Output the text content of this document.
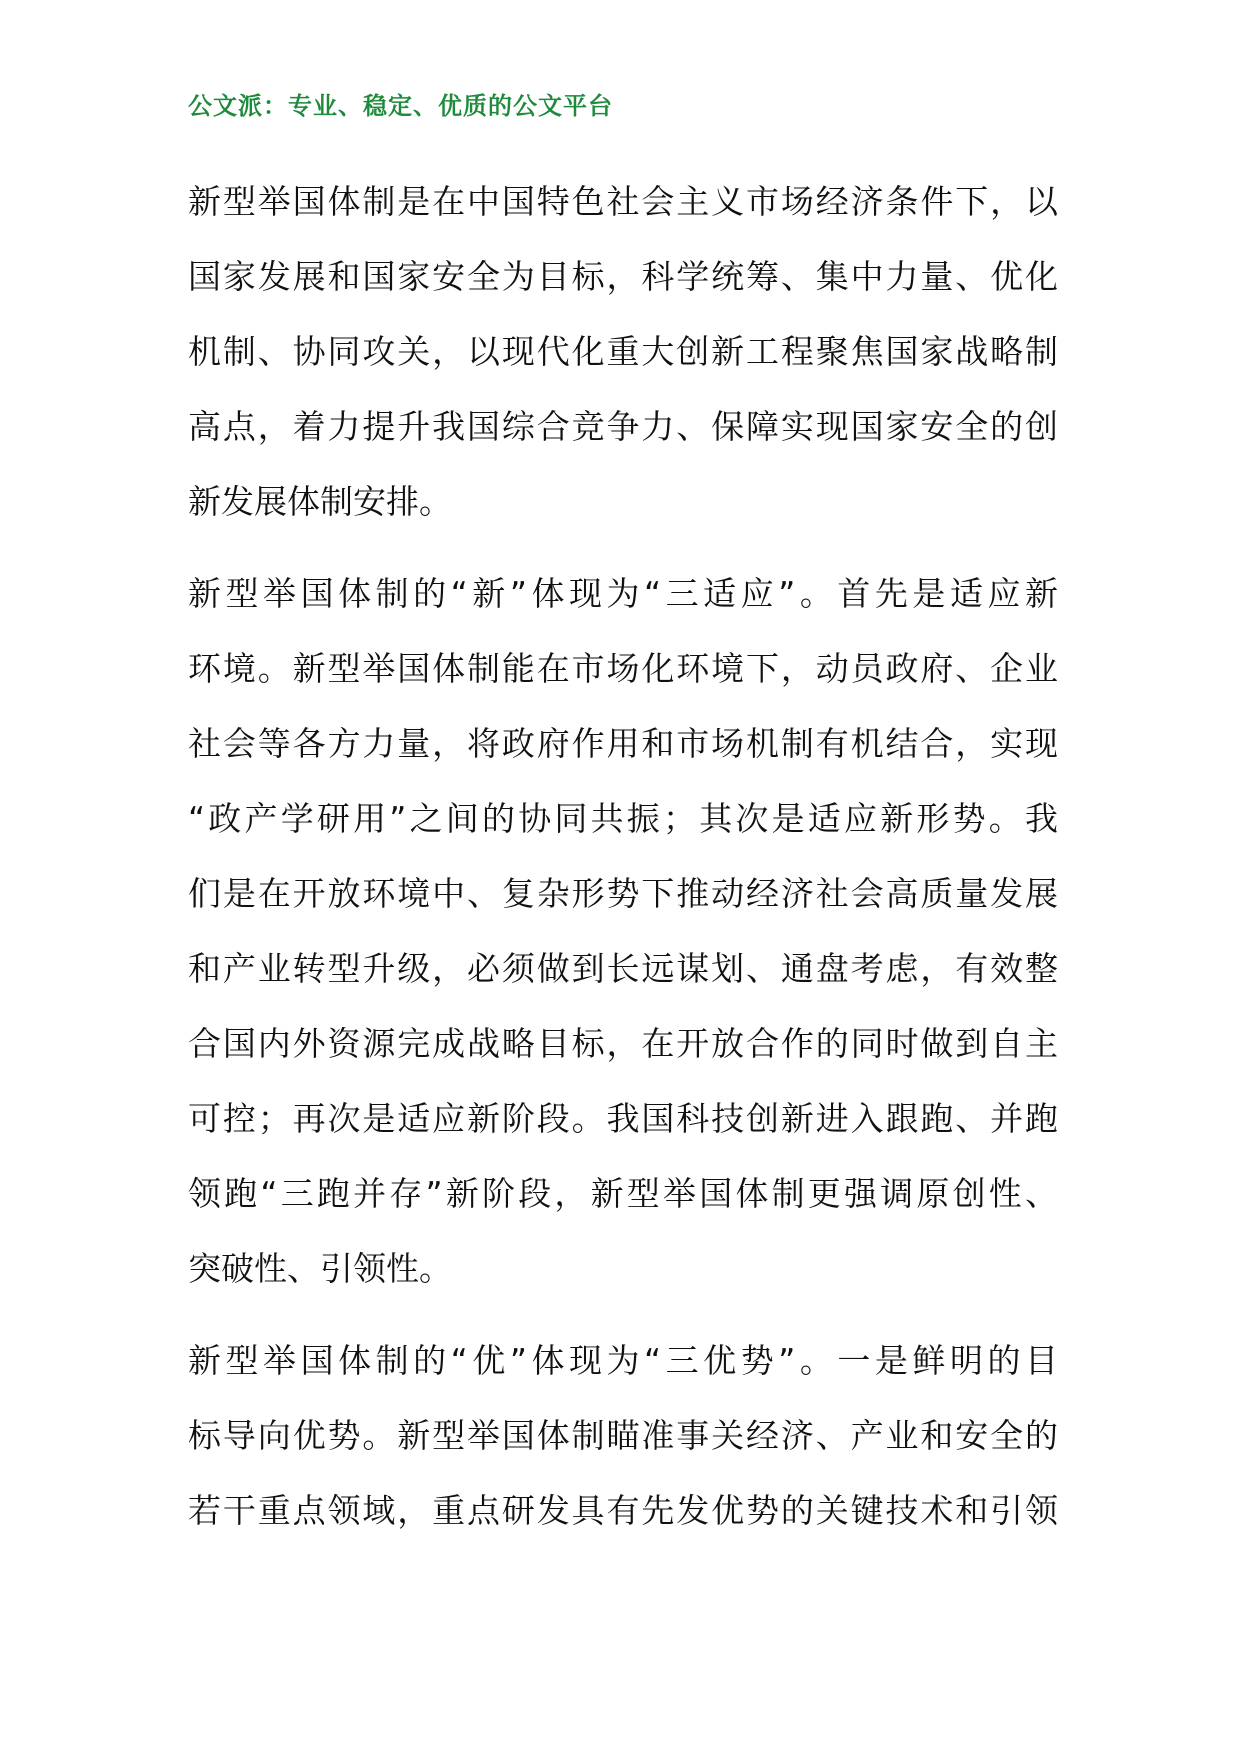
公文派：专业、稳定、优质的公文平台
新型举国体制是在中国特色社会主义市场经济条件下，以
国家发展和国家安全为目标，科学统筹、集中力量、优化
机制、协同攻关，以现代化重大创新工程聚焦国家战略制
高点，着力提升我国综合竞争力、保障实现国家安全的创
新发展体制安排。
新型举国体制的“新”体现为“三适应”。首先是适应新
环境。新型举国体制能在市场化环境下，动员政府、企业
社会等各方力量，将政府作用和市场机制有机结合，实现
“政产学研用”之间的协同共振；其次是适应新形势。我
们是在开放环境中、复杂形势下推动经济社会高质量发展
和产业转型升级，必须做到长远谋划、通盘考虑，有效整
合国内外资源完成战略目标，在开放合作的同时做到自主
可控；再次是适应新阶段。我国科技创新进入跟跑、并跑
领跑“三跑并存”新阶段，新型举国体制更强调原创性、
突破性、引领性。
新型举国体制的“优”体现为“三优势”。一是鲜明的目
标导向优势。新型举国体制瞄准事关经济、产业和安全的
若干重点领域，重点研发具有先发优势的关键技术和引领
